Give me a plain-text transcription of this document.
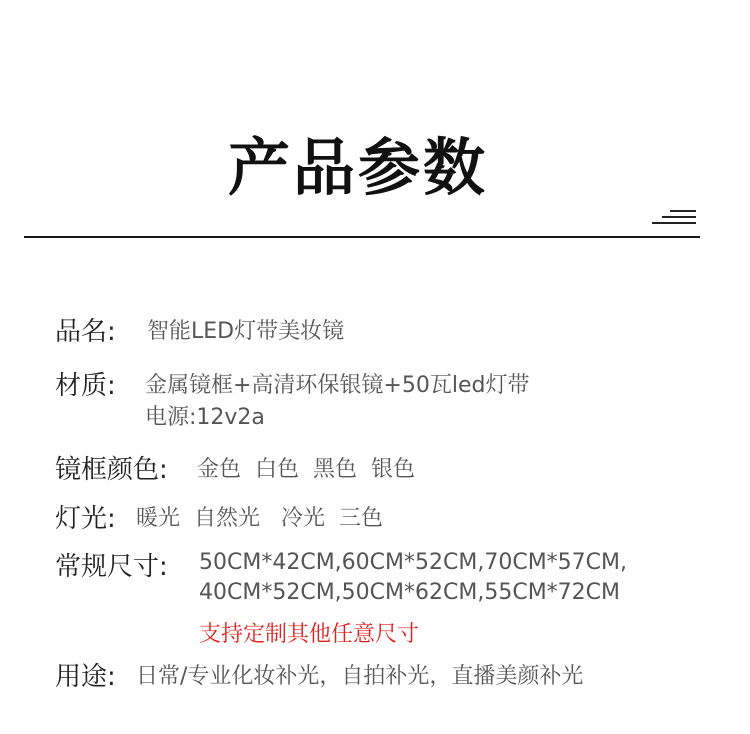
产品参数
品名: 智能LED灯带美妆镜
材质: 金属镜框+高清环保银镜+50瓦led灯带
电源:12v2a
镜框颜色: 金色  白色  黑色  银色
灯光: 暖光  自然光   冷光  三色
常规尺寸: 50CM*42CM,60CM*52CM,70CM*57CM,
40CM*52CM,50CM*62CM,55CM*72CM
支持定制其他任意尺寸
用途: 日常/专业化妆补光，自拍补光，直播美颜补光
